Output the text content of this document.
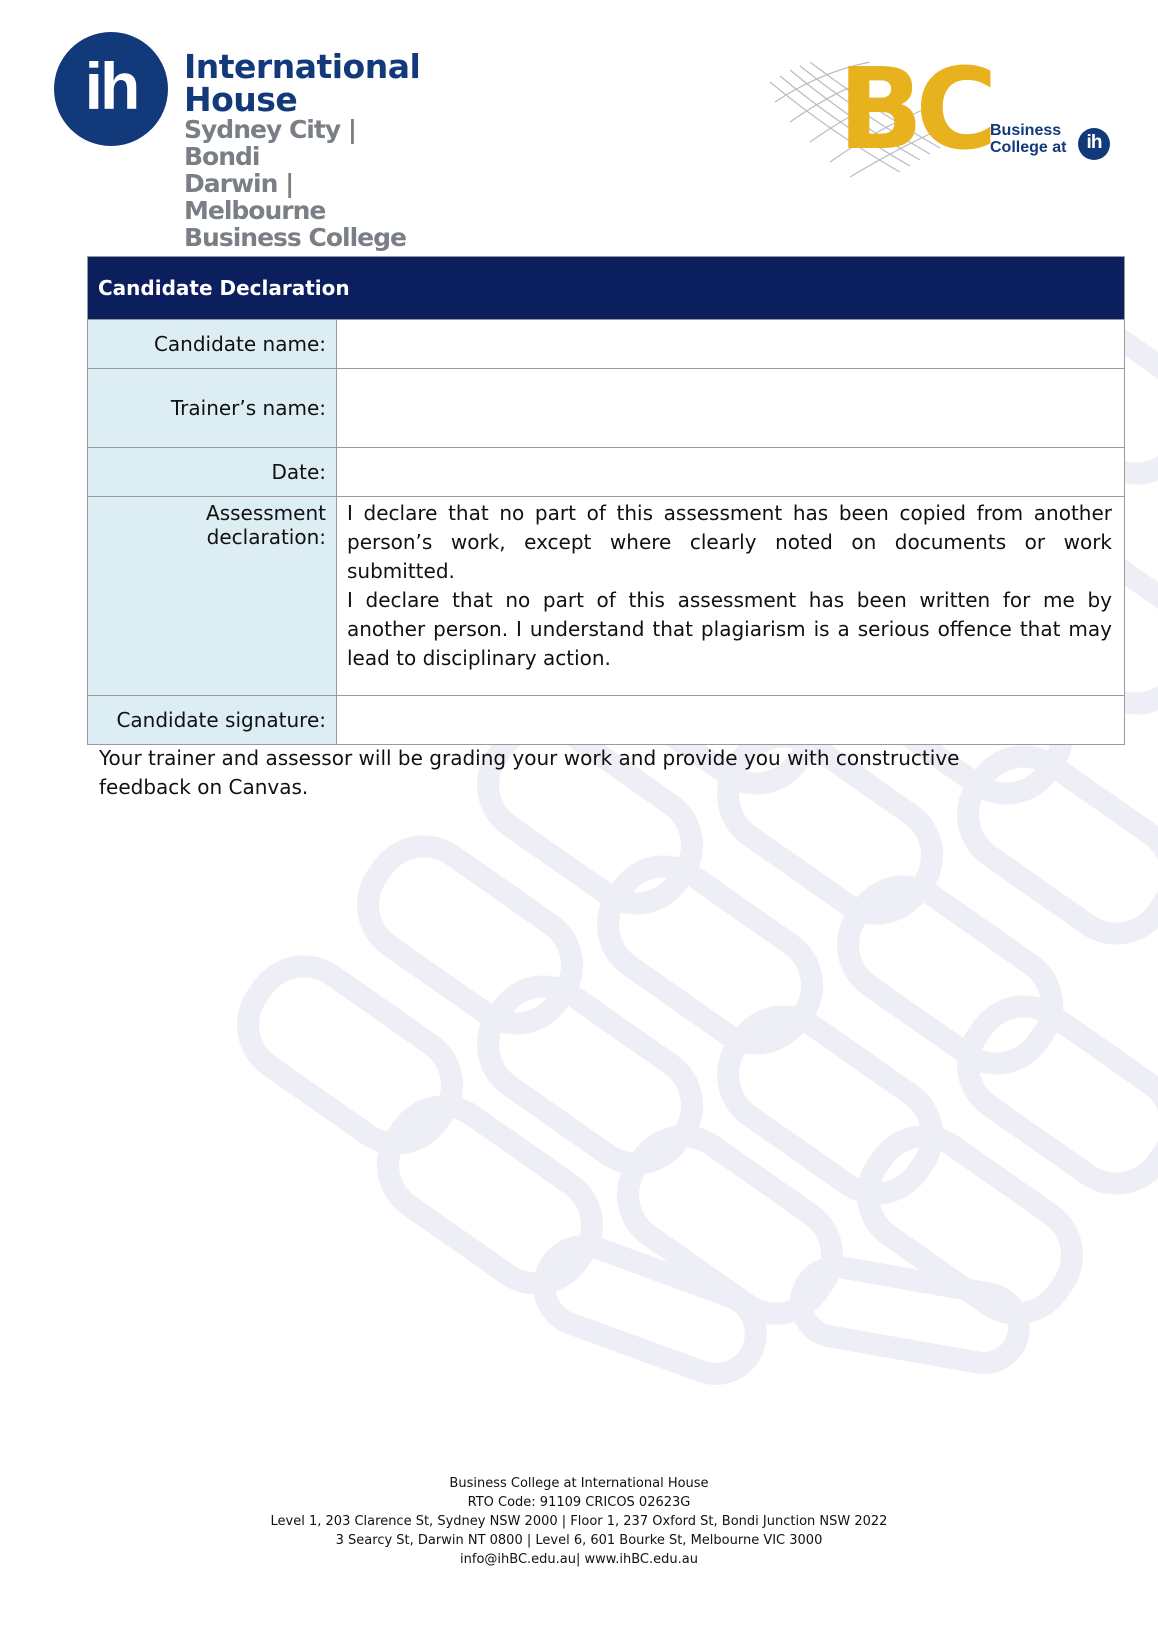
ih	International
House
Sydney City | Bondi
Darwin | Melbourne
Business College
BC Business
College at	ih
Candidate Declaration	
Candidate name:	
Trainer’s name:	
Date:	
Assessment declaration:	I declare that no part of this assessment has been copied from another person’s work, except where clearly noted on documents or work submitted.

I declare that no part of this assessment has been written for me by another person. I understand that plagiarism is a serious offence that may lead to disciplinary action.

Candidate signature:	
Your trainer and assessor will be grading your work and provide you with constructive feedback on Canvas.
Business College at International House
RTO Code: 91109 CRICOS 02623G
Level 1, 203 Clarence St, Sydney NSW 2000 | Floor 1, 237 Oxford St, Bondi Junction NSW 2022
3 Searcy St, Darwin NT 0800 | Level 6, 601 Bourke St, Melbourne VIC 3000
info@ihBC.edu.au| www.ihBC.edu.au
